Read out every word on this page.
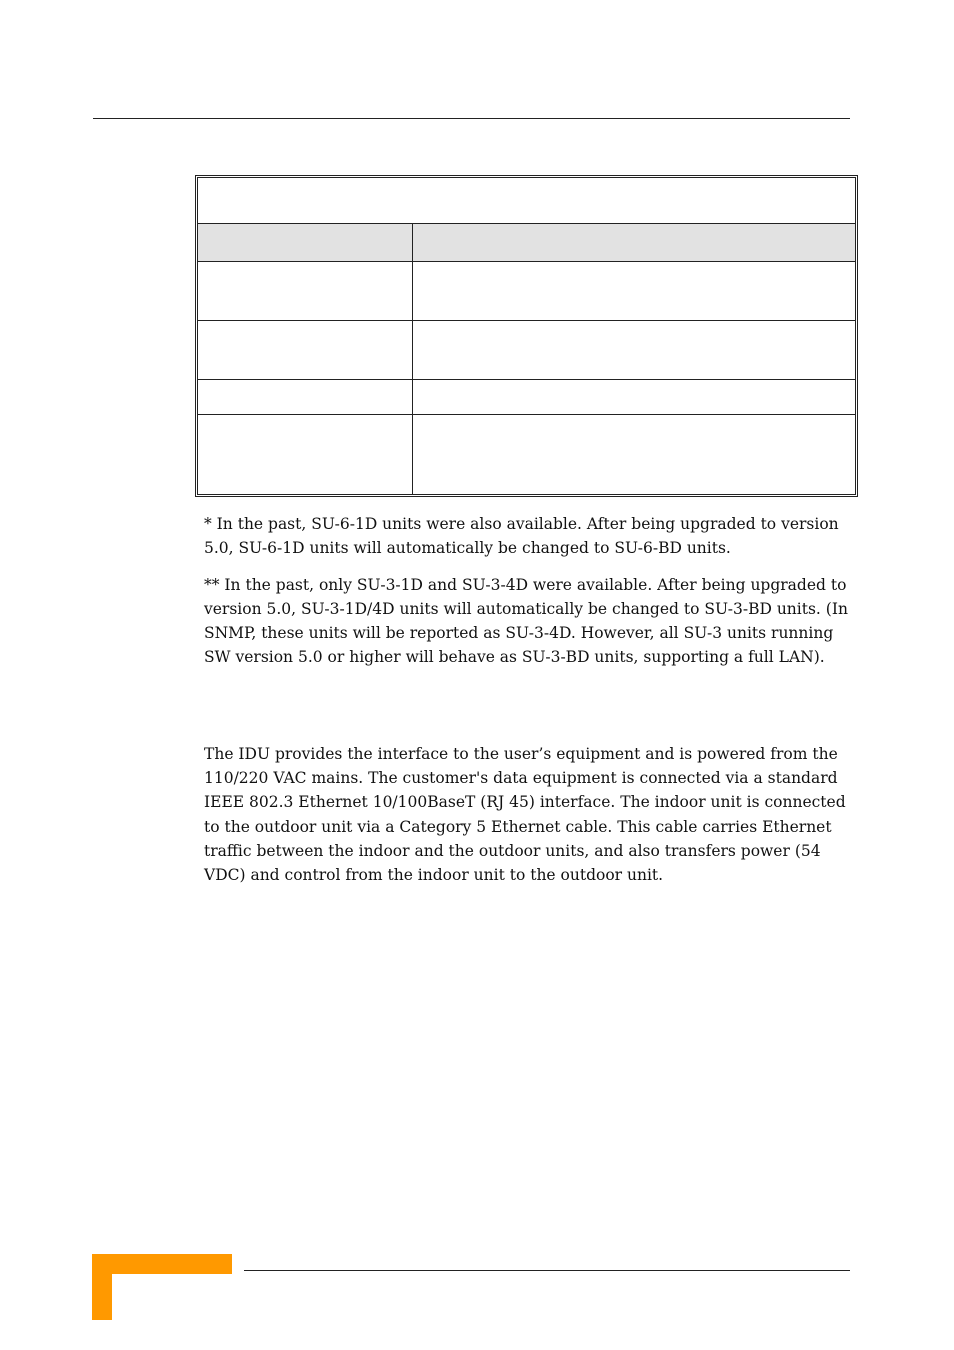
* In the past, SU-6-1D units were also available. After being upgraded to version 5.0, SU-6-1D units will automatically be changed to SU-6-BD units.

** In the past, only SU-3-1D and SU-3-4D were available. After being upgraded to version 5.0, SU-3-1D/4D units will automatically be changed to SU-3-BD units. (In SNMP, these units will be reported as SU-3-4D. However, all SU-3 units running SW version 5.0 or higher will behave as SU-3-BD units, supporting a full LAN).

The IDU provides the interface to the user’s equipment and is powered from the 110/220 VAC mains. The customer's data equipment is connected via a standard IEEE 802.3 Ethernet 10/100BaseT (RJ 45) interface. The indoor unit is connected to the outdoor unit via a Category 5 Ethernet cable. This cable carries Ethernet traffic between the indoor and the outdoor units, and also transfers power (54 VDC) and control from the indoor unit to the outdoor unit.
